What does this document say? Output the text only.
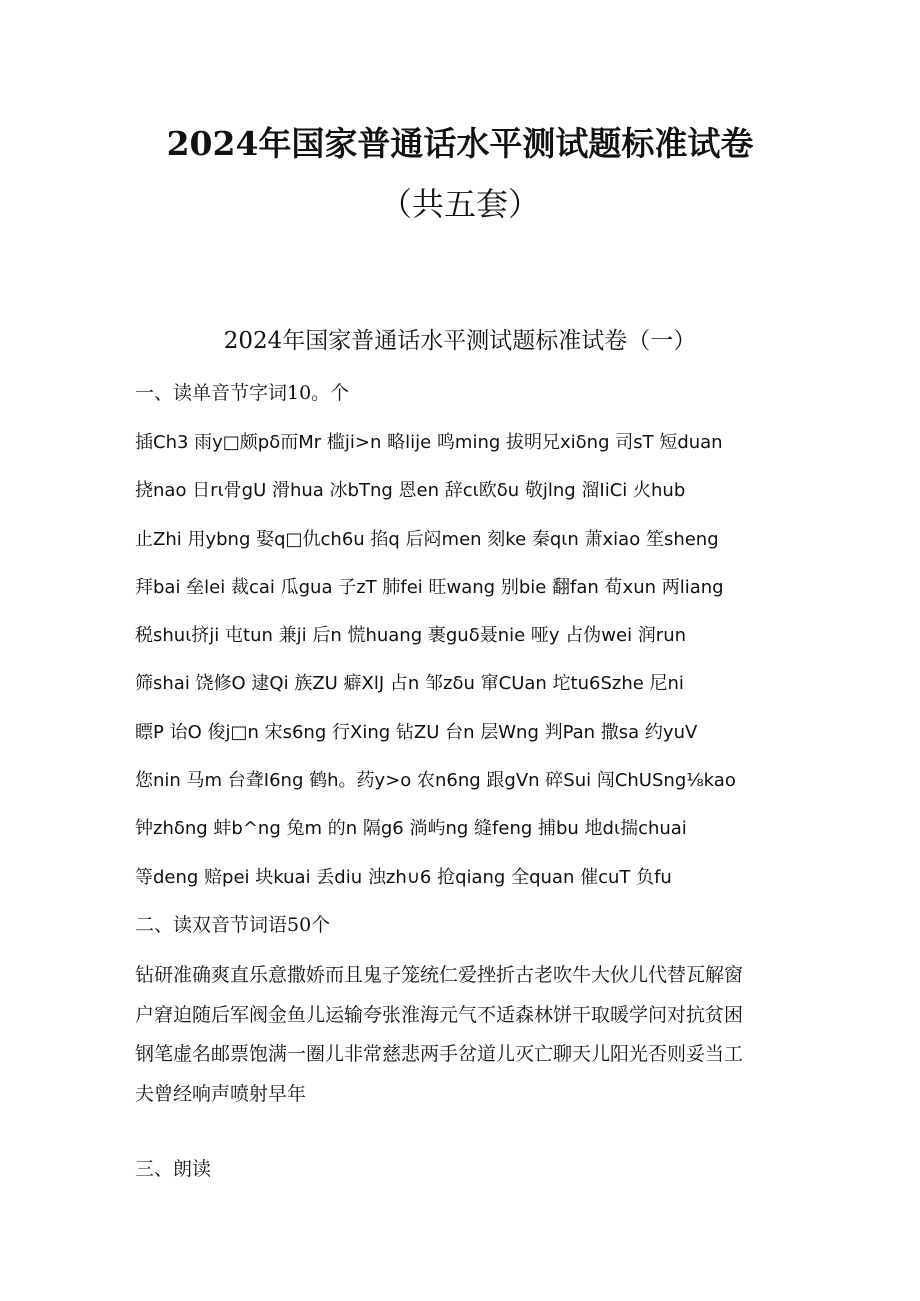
2024年国家普通话水平测试题标准试卷
（共五套）
2024年国家普通话水平测试题标准试卷（一）
一、读单音节字词10。个
插Ch3 雨y□颇pδ而Mr 槛ji>n 略lije 鸣ming 拔明兄xiδng 司sT 短duan
挠nao 日rι骨gU 滑hua 冰bTng 恩en 辞cι欧δu 敬jlng 溜IiCi 火hub
止Zhi 用ybng 娶q□仇ch6u 掐q 后闷men 刻ke 秦qιn 萧xiao 笙sheng
拜bai 垒lei 裁cai 瓜gua 子zT 肺fei 旺wang 别bie 翻fan 荀xun 两liang
税shuι挤ji 屯tun 兼ji 后n 慌huang 裹guδ聂nie 哑y 占伪wei 润run
筛shai 饶修O 逮Qi 族ZU 癖XlJ 占n 邹zδu 窜CUan 坨tu6Szhe 尼ni
瞟P 诒O 俊j□n 宋s6ng 行Xing 钻ZU 台n 层Wng 判Pan 撒sa 约yuV
您nin 马m 台聋I6ng 鹤h。药y>o 农n6ng 跟gVn 碎Sui 闯ChUSng⅛kao
钟zhδng 蚌b^ng 兔m 的n 隔g6 淌屿ng 缝feng 捕bu 地dι揣chuai
等deng 赔pei 块kuai 丢diu 浊zh∪6 抢qiang 全quan 催cuT 负fu
二、读双音节词语50个
钻研准确爽直乐意撒娇而且鬼子笼统仁爱挫折古老吹牛大伙儿代替瓦解窗
户窘迫随后军阀金鱼儿运输夸张淮海元气不适森林饼干取暖学问对抗贫困
钢笔虚名邮票饱满一圈儿非常慈悲两手岔道儿灭亡聊天儿阳光否则妥当工
夫曾经响声喷射早年
三、朗读
